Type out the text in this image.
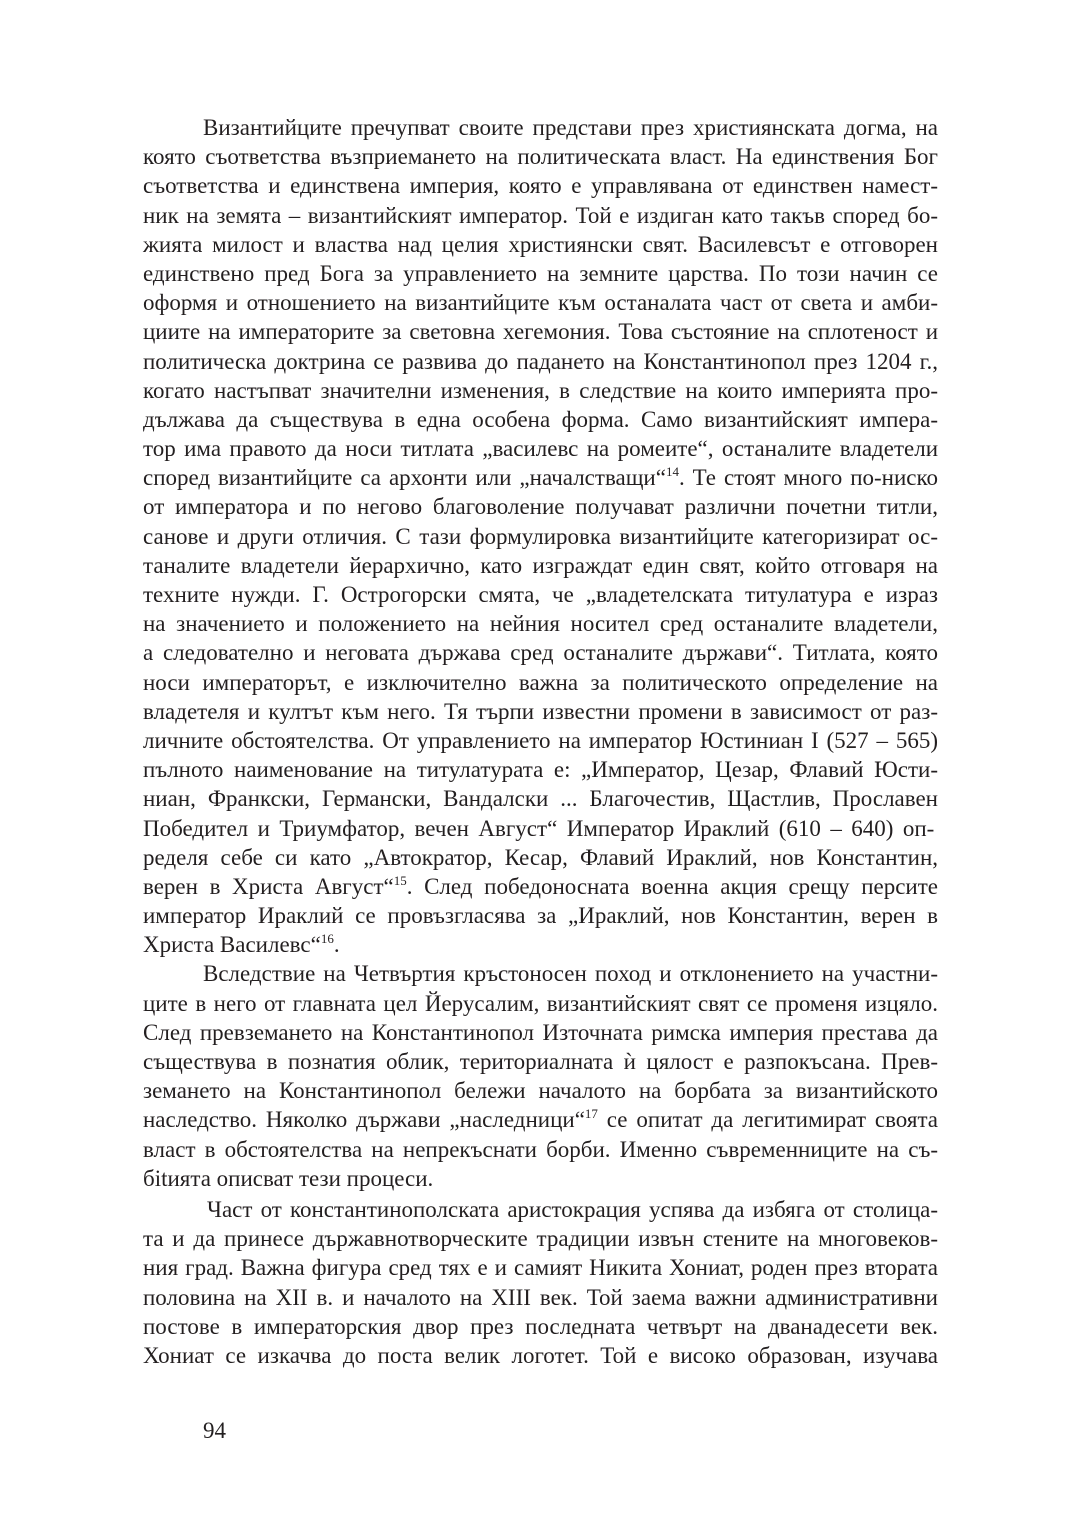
Византийците пречупват своите представи през християнската догма, на
която съответства възприемането на политическата власт. На единствения Бог
съответства и единствена империя, която е управлявана от единствен намест-
ник на земята – византийският император. Той е издиган като такъв според бо-
жията милост и властва над целия християнски свят. Василевсът е отговорен
единствено пред Бога за управлението на земните царства. По този начин се
оформя и отношението на византийците към останалата част от света и амби-
циите на императорите за световна хегемония. Това състояние на сплотеност и
политическа доктрина се развива до падането на Константинопол през 1204 г.,
когато настъпват значителни изменения, в следствие на които империята про-
дължава да съществува в една особена форма. Само византийският импера-
тор има правото да носи титлата „василевс на ромеите“, останалите владетели
според византийците са архонти или „началстващи“$^{14}$. Те стоят много по-ниско
от императора и по негово благоволение получават различни почетни титли,
санове и други отличия. С тази формулировка византийците категоризират ос-
таналите владетели йерархично, като изграждат един свят, който отговаря на
техните нужди. Г. Острогорски смята, че „владетелската титулатура е израз
на значението и положението на нейния носител сред останалите владетели,
а следователно и неговата държава сред останалите държави“. Титлата, която
носи императорът, е изключително важна за политическото определение на
владетеля и култът към него. Тя търпи известни промени в зависимост от раз-
личните обстоятелства. От управлението на император Юстиниан I (527 – 565)
пълното наименование на титулатурата е: „Император, Цезар, Флавий Юсти-
ниан, Франкски, Германски, Вандалски ... Благочестив, Щастлив, Прославен
Победител и Триумфатор, вечен Август“ Император Ираклий (610 – 640) оп-
ределя себе си като „Автократор, Кесар, Флавий Ираклий, нов Константин,
верен в Христа Август“$^{15}$. След победоносната военна акция срещу персите
император Ираклий се провъзгласява за „Ираклий, нов Константин, верен в
Христа Василевс“$^{16}$.
Вследствие на Четвъртия кръстоносен поход и отклонението на участни-
ците в него от главната цел Йерусалим, византийският свят се променя изцяло.
След превземането на Константинопол Източната римска империя престава да
съществува в познатия облик, териториалната ѝ цялост е разпокъсана. Прев-
земането на Константинопол бележи началото на борбата за византийското
наследство. Няколко държави „наследници“$^{17}$ се опитат да легитимират своята
власт в обстоятелства на непрекъснати борби. Именно съвременниците на съ-
бitията описват тези процеси.
Част от константинополската аристокрация успява да избяга от столица-
та и да принесе държавнотворческите традиции извън стените на многовеков-
ния град. Важна фигура сред тях е и самият Никита Хониат, роден през втората
половина на XII в. и началото на XIII век. Той заема важни административни
постове в императорския двор през последната четвърт на дванадесети век.
Хониат се изкачва до поста велик логотет. Той е високо образован, изучава
94
